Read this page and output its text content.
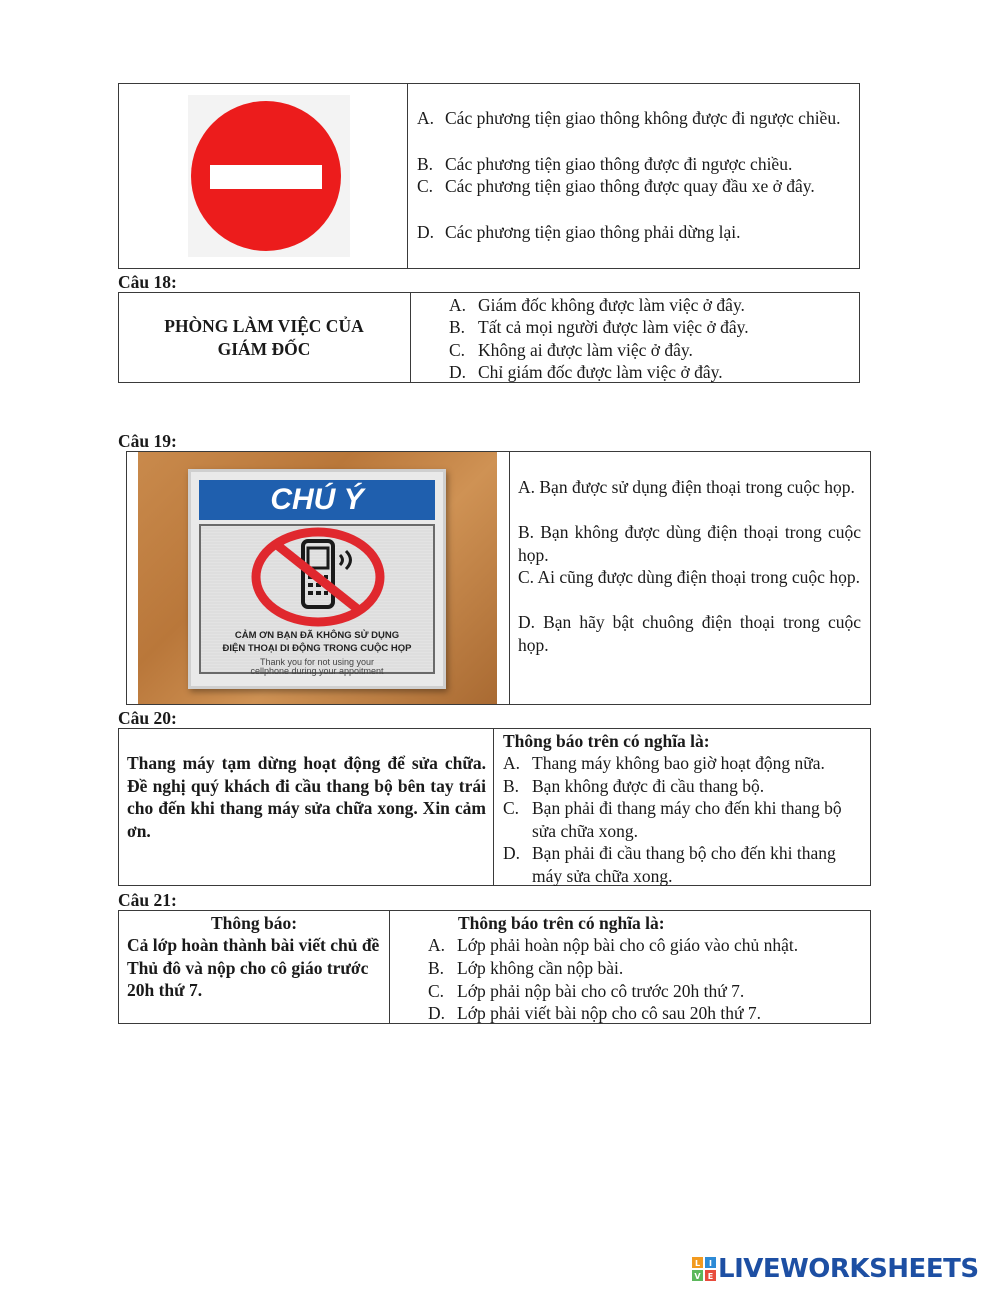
A. Các phương tiện giao thông không được đi ngược chiều.
B. Các phương tiện giao thông được đi ngược chiều.
C. Các phương tiện giao thông được quay đầu xe ở đây.
D. Các phương tiện giao thông phải dừng lại.
Câu 18:
PHÒNG LÀM VIỆC CỦA GIÁM ĐỐC
A. Giám đốc không được làm việc ở đây.
B. Tất cả mọi người được làm việc ở đây.
C. Không ai được làm việc ở đây.
D. Chỉ giám đốc được làm việc ở đây.
Câu 19:
CHÚ Ý
CẢM ƠN BẠN ĐÃ KHÔNG SỬ DỤNG
ĐIỆN THOẠI DI ĐỘNG TRONG CUỘC HỌP
Thank you for not using your
cellphone during your appoitment
A. Bạn được sử dụng điện thoại trong cuộc họp.
B. Bạn không được dùng điện thoại trong cuộc họp.
C. Ai cũng được dùng điện thoại trong cuộc họp.
D. Bạn hãy bật chuông điện thoại trong cuộc họp.
Câu 20:
Thang máy tạm dừng hoạt động để sửa chữa. Đề nghị quý khách đi cầu thang bộ bên tay trái cho đến khi thang máy sửa chữa xong. Xin cảm ơn.
Thông báo trên có nghĩa là:
A. Thang máy không bao giờ hoạt động nữa.
B. Bạn không được đi cầu thang bộ.
C. Bạn phải đi thang máy cho đến khi thang bộ sửa chữa xong.
D. Bạn phải đi cầu thang bộ cho đến khi thang máy sửa chữa xong.
Câu 21:
Thông báo:
Cả lớp hoàn thành bài viết chủ đề Thủ đô và nộp cho cô giáo trước 20h thứ 7.
Thông báo trên có nghĩa là:
A. Lớp phải hoàn nộp bài cho cô giáo vào chủ nhật.
B. Lớp không cần nộp bài.
C. Lớp phải nộp bài cho cô trước 20h thứ 7.
D. Lớp phải viết bài nộp cho cô sau 20h thứ 7.
L I
V E LIVEWORKSHEETS
